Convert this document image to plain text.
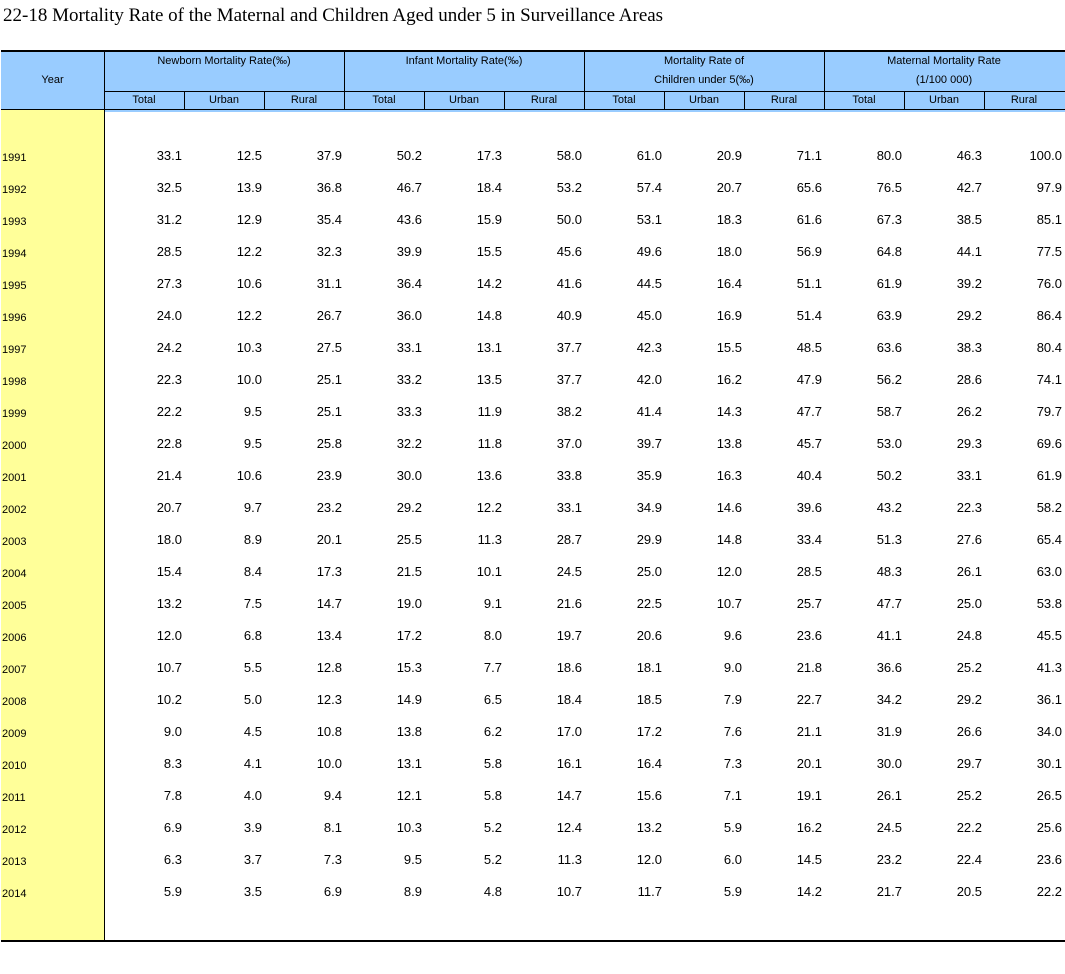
22-18 Mortality Rate of the Maternal and Children Aged under 5 in Surveillance Areas
Year
Newborn Mortality Rate(‰)
Total	Urban	Rural
Infant Mortality Rate(‰)
Total	Urban	Rural
Mortality Rate of
Children under 5(‰)
Total	Urban	Rural
Maternal Mortality Rate
(1/100 000)
Total	Urban	Rural
1991	33.1	12.5	37.9	50.2	17.3	58.0	61.0	20.9	71.1	80.0	46.3	100.0
1992	32.5	13.9	36.8	46.7	18.4	53.2	57.4	20.7	65.6	76.5	42.7	97.9
1993	31.2	12.9	35.4	43.6	15.9	50.0	53.1	18.3	61.6	67.3	38.5	85.1
1994	28.5	12.2	32.3	39.9	15.5	45.6	49.6	18.0	56.9	64.8	44.1	77.5
1995	27.3	10.6	31.1	36.4	14.2	41.6	44.5	16.4	51.1	61.9	39.2	76.0
1996	24.0	12.2	26.7	36.0	14.8	40.9	45.0	16.9	51.4	63.9	29.2	86.4
1997	24.2	10.3	27.5	33.1	13.1	37.7	42.3	15.5	48.5	63.6	38.3	80.4
1998	22.3	10.0	25.1	33.2	13.5	37.7	42.0	16.2	47.9	56.2	28.6	74.1
1999	22.2	9.5	25.1	33.3	11.9	38.2	41.4	14.3	47.7	58.7	26.2	79.7
2000	22.8	9.5	25.8	32.2	11.8	37.0	39.7	13.8	45.7	53.0	29.3	69.6
2001	21.4	10.6	23.9	30.0	13.6	33.8	35.9	16.3	40.4	50.2	33.1	61.9
2002	20.7	9.7	23.2	29.2	12.2	33.1	34.9	14.6	39.6	43.2	22.3	58.2
2003	18.0	8.9	20.1	25.5	11.3	28.7	29.9	14.8	33.4	51.3	27.6	65.4
2004	15.4	8.4	17.3	21.5	10.1	24.5	25.0	12.0	28.5	48.3	26.1	63.0
2005	13.2	7.5	14.7	19.0	9.1	21.6	22.5	10.7	25.7	47.7	25.0	53.8
2006	12.0	6.8	13.4	17.2	8.0	19.7	20.6	9.6	23.6	41.1	24.8	45.5
2007	10.7	5.5	12.8	15.3	7.7	18.6	18.1	9.0	21.8	36.6	25.2	41.3
2008	10.2	5.0	12.3	14.9	6.5	18.4	18.5	7.9	22.7	34.2	29.2	36.1
2009	9.0	4.5	10.8	13.8	6.2	17.0	17.2	7.6	21.1	31.9	26.6	34.0
2010	8.3	4.1	10.0	13.1	5.8	16.1	16.4	7.3	20.1	30.0	29.7	30.1
2011	7.8	4.0	9.4	12.1	5.8	14.7	15.6	7.1	19.1	26.1	25.2	26.5
2012	6.9	3.9	8.1	10.3	5.2	12.4	13.2	5.9	16.2	24.5	22.2	25.6
2013	6.3	3.7	7.3	9.5	5.2	11.3	12.0	6.0	14.5	23.2	22.4	23.6
2014	5.9	3.5	6.9	8.9	4.8	10.7	11.7	5.9	14.2	21.7	20.5	22.2
